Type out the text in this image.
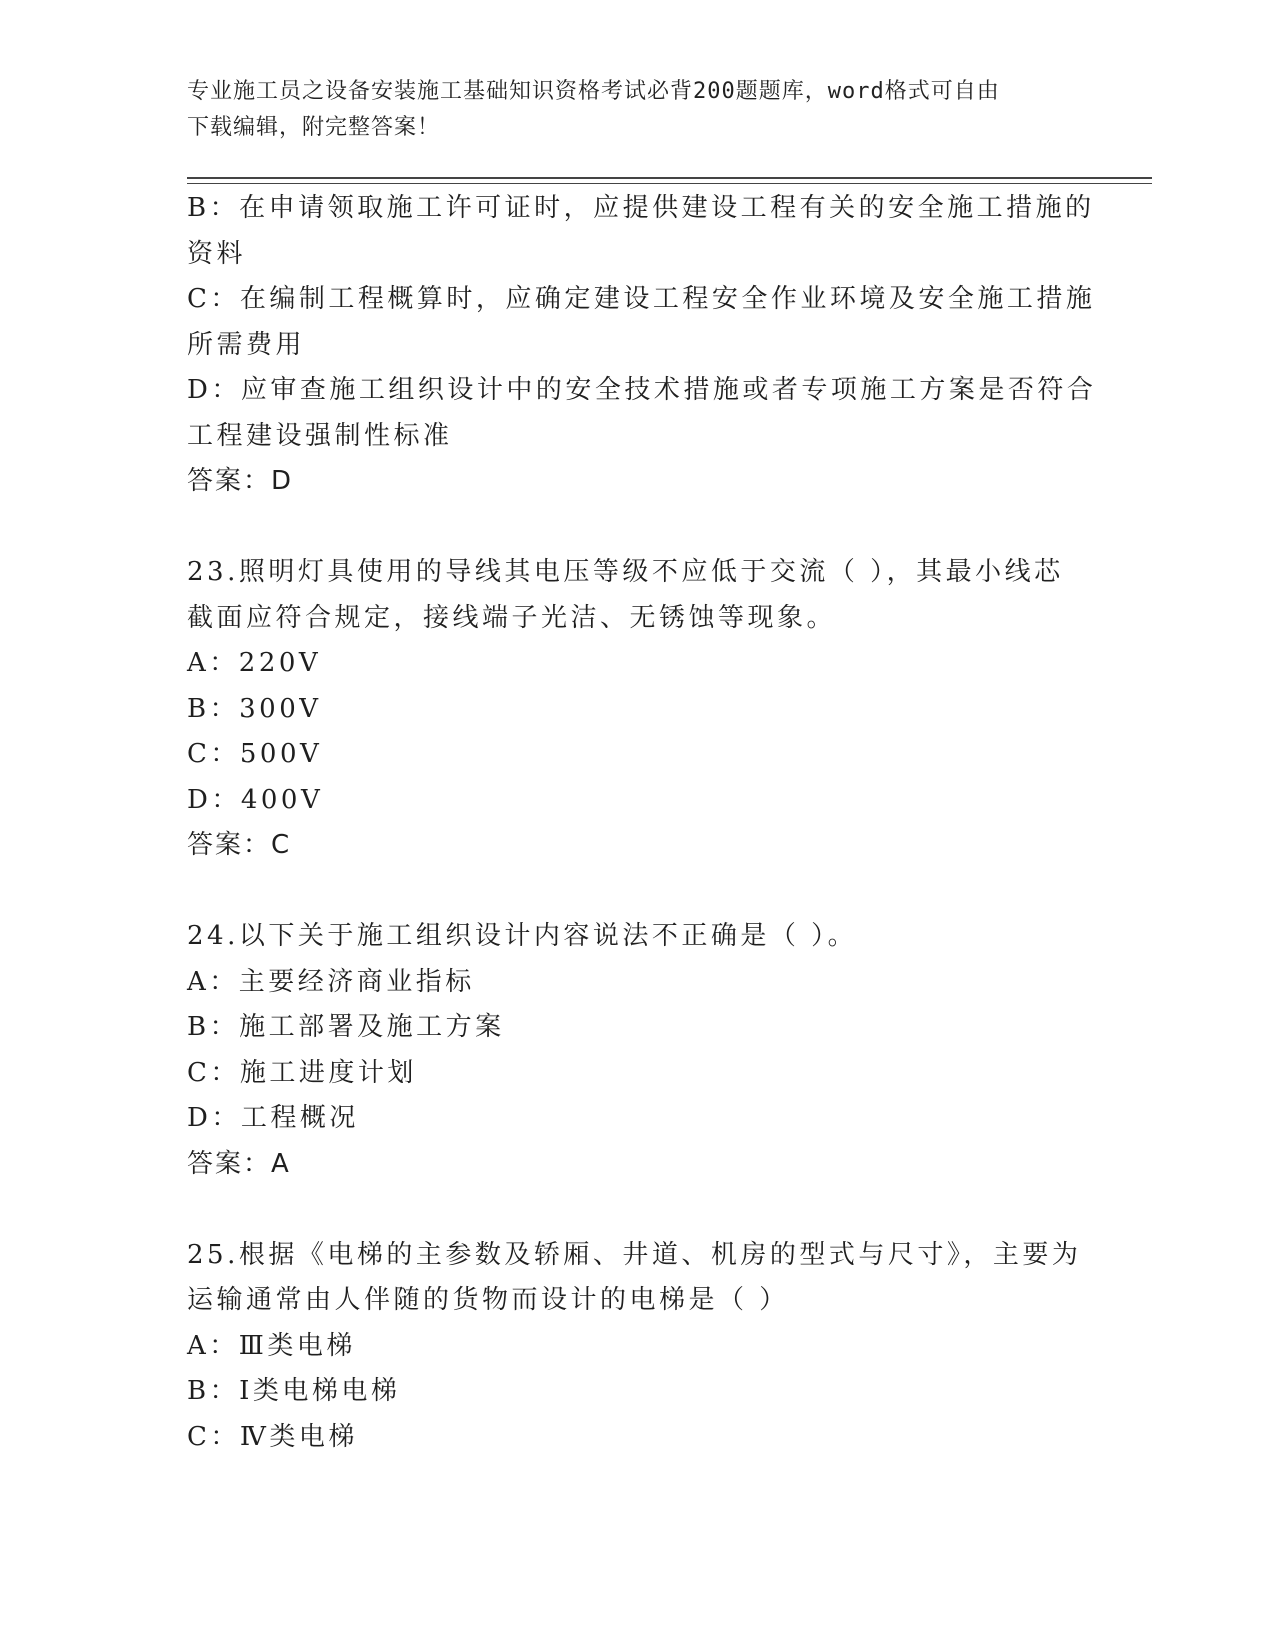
专业施工员之设备安装施工基础知识资格考试必背200题题库，word格式可自由
下载编辑，附完整答案！
B：在申请领取施工许可证时，应提供建设工程有关的安全施工措施的
资料
C：在编制工程概算时，应确定建设工程安全作业环境及安全施工措施
所需费用
D：应审查施工组织设计中的安全技术措施或者专项施工方案是否符合
工程建设强制性标准
答案：D
23.照明灯具使用的导线其电压等级不应低于交流（ ），其最小线芯
截面应符合规定，接线端子光洁、无锈蚀等现象。
A：220V
B：300V
C：500V
D：400V
答案：C
24.以下关于施工组织设计内容说法不正确是（ ）。
A：主要经济商业指标
B：施工部署及施工方案
C：施工进度计划
D：工程概况
答案：A
25.根据《电梯的主参数及轿厢、井道、机房的型式与尺寸》，主要为
运输通常由人伴随的货物而设计的电梯是（ ）
A：Ⅲ类电梯
B：Ⅰ类电梯电梯
C：Ⅳ类电梯
